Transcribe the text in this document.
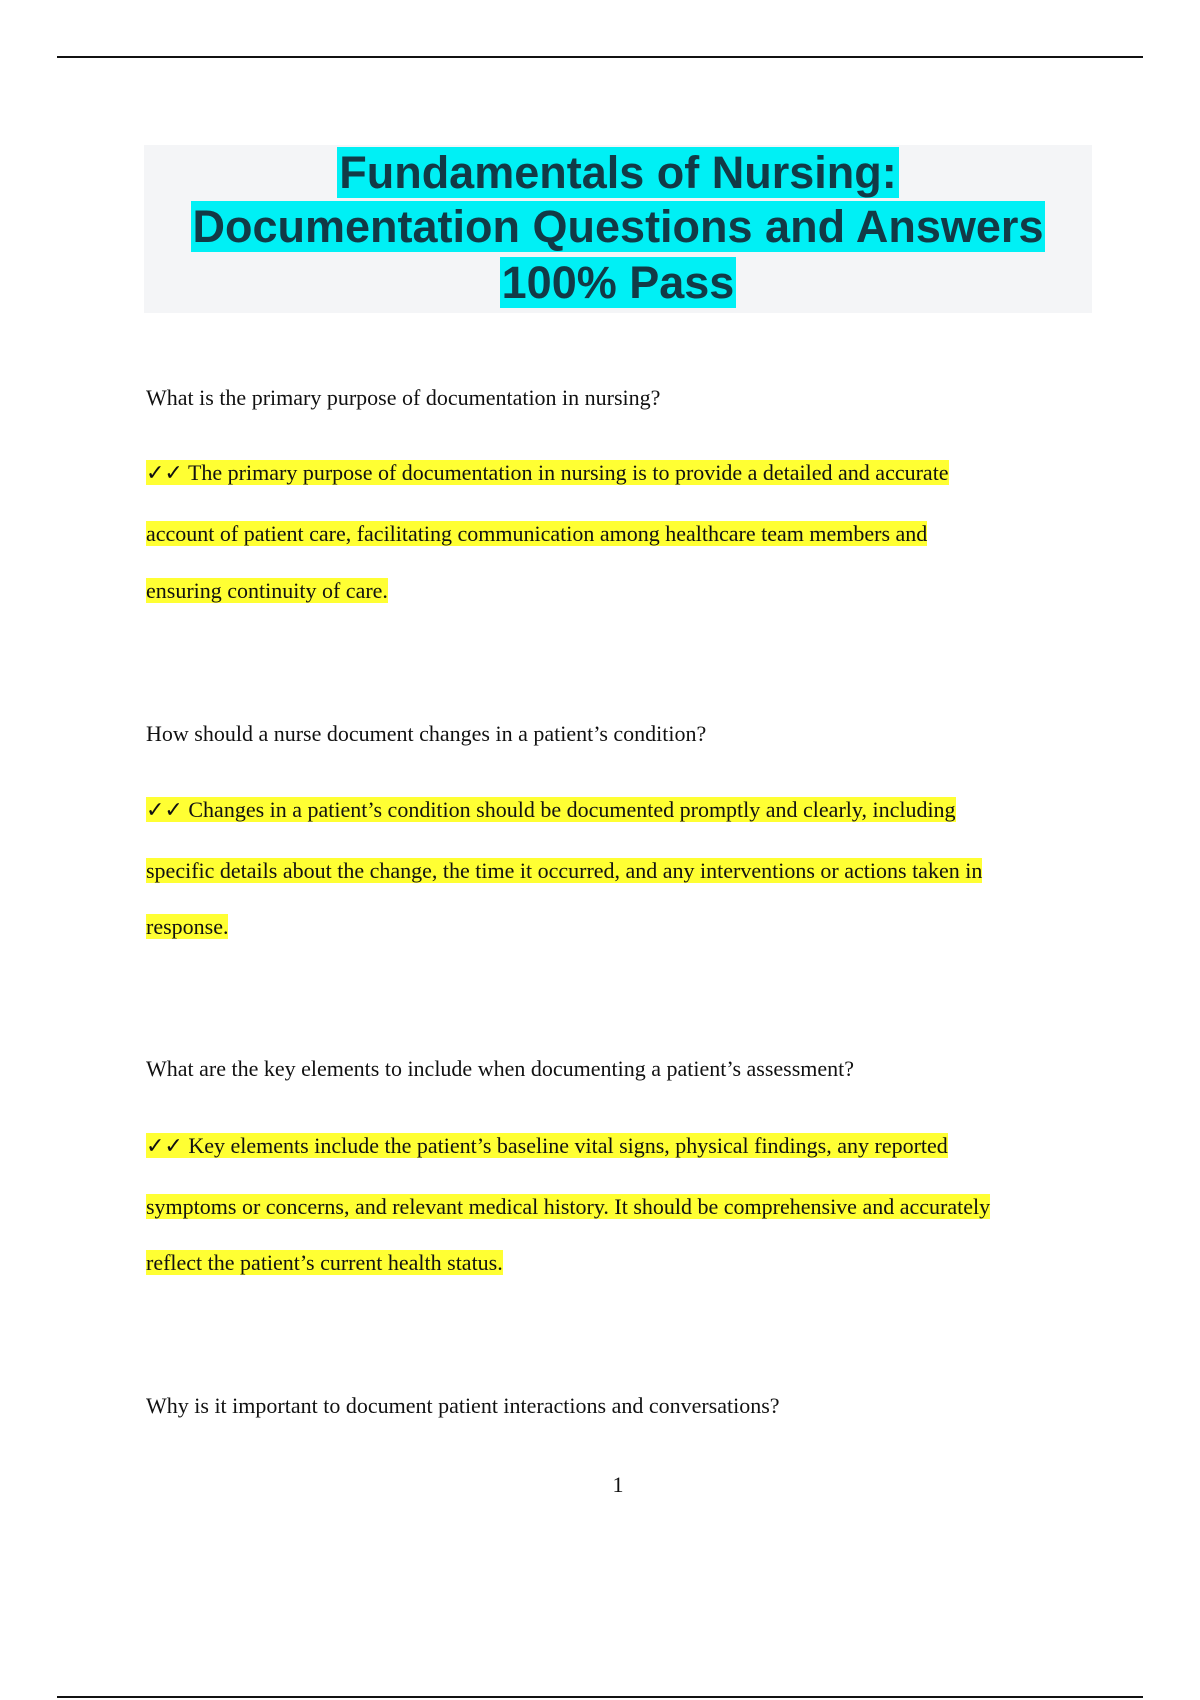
Fundamentals of Nursing:
Documentation Questions and Answers
100% Pass
What is the primary purpose of documentation in nursing?
✓✓ The primary purpose of documentation in nursing is to provide a detailed and accurate
account of patient care, facilitating communication among healthcare team members and
ensuring continuity of care.
How should a nurse document changes in a patient’s condition?
✓✓ Changes in a patient’s condition should be documented promptly and clearly, including
specific details about the change, the time it occurred, and any interventions or actions taken in
response.
What are the key elements to include when documenting a patient’s assessment?
✓✓ Key elements include the patient’s baseline vital signs, physical findings, any reported
symptoms or concerns, and relevant medical history. It should be comprehensive and accurately
reflect the patient’s current health status.
Why is it important to document patient interactions and conversations?
1
